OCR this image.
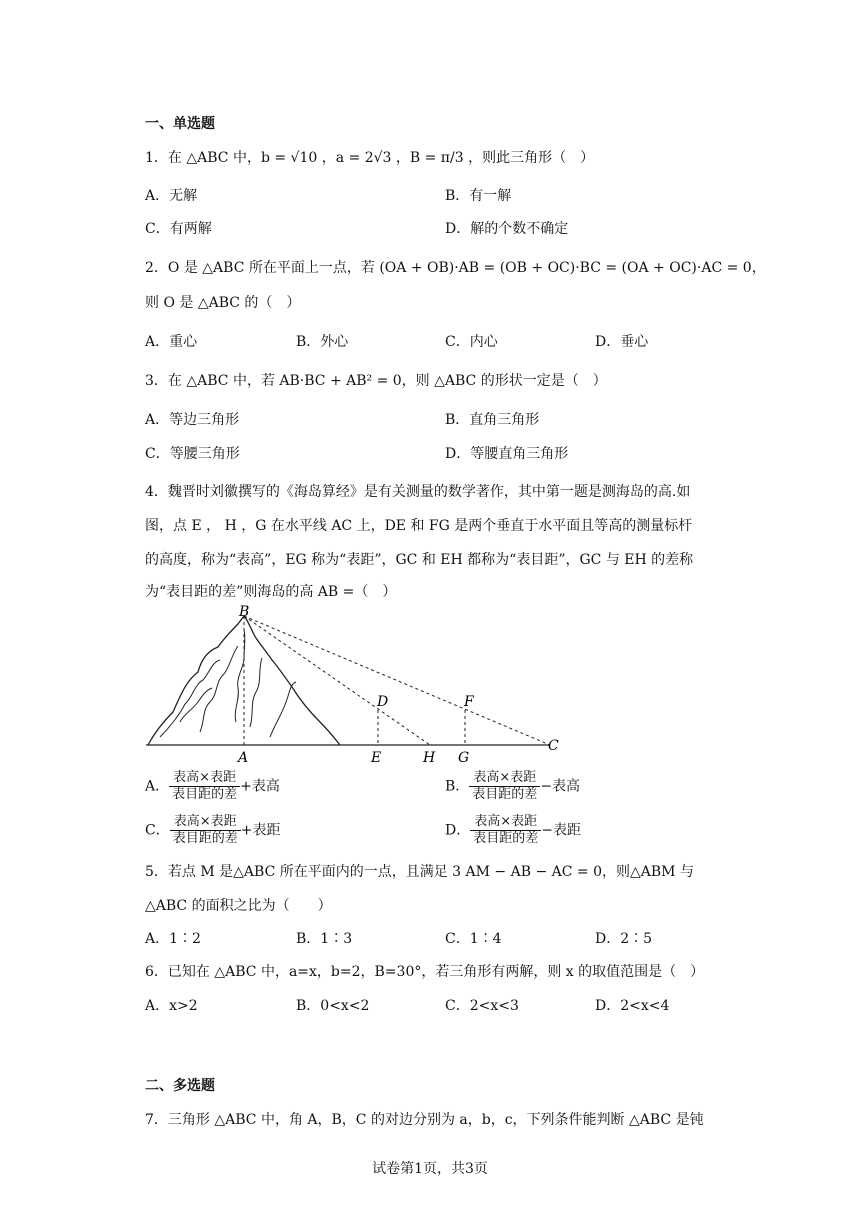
一、单选题
1．在 △ABC 中，b = √10 ，a = 2√3 ，B = π/3 ，则此三角形（　）
A．无解	B．有一解
C．有两解	D．解的个数不确定
2．O 是 △ABC 所在平面上一点，若 (OA + OB)·AB = (OB + OC)·BC = (OA + OC)·AC = 0，
则 O 是 △ABC 的（　）
A．重心	B．外心	C．内心	D．垂心
3．在 △ABC 中，若 AB·BC + AB² = 0，则 △ABC 的形状一定是（　）
A．等边三角形	B．直角三角形
C．等腰三角形	D．等腰直角三角形
4．魏晋时刘徽撰写的《海岛算经》是有关测量的数学著作，其中第一题是测海岛的高.如
图，点 E ， H ，G 在水平线 AC 上，DE 和 FG 是两个垂直于水平面且等高的测量标杆
的高度，称为“表高”，EG 称为“表距”，GC 和 EH 都称为“表目距”，GC 与 EH 的差称
为“表目距的差”则海岛的高 AB =（　）
B
D	F
A	E	H G
C
A． $\frac{\text{表高×表距}}{\text{表目距的差}}$ +表高	B． $\frac{\text{表高×表距}}{\text{表目距的差}}$ −表高
C． $\frac{\text{表高×表距}}{\text{表目距的差}}$ +表距	D． $\frac{\text{表高×表距}}{\text{表目距的差}}$ −表距
5．若点 M 是△ABC 所在平面内的一点，且满足 3 AM − AB − AC = 0，则△ABM 与
△ABC 的面积之比为（　　）
A．1∶2	B．1∶3	C．1∶4	D．2∶5
6．已知在 △ABC 中，a=x，b=2，B=30°，若三角形有两解，则 x 的取值范围是（　）
A．x>2	B．0<x<2	C．2<x<3	D．2<x<4
二、多选题
7．三角形 △ABC 中，角 A，B，C 的对边分别为 a，b，c，下列条件能判断 △ABC 是钝
试卷第1页，共3页
